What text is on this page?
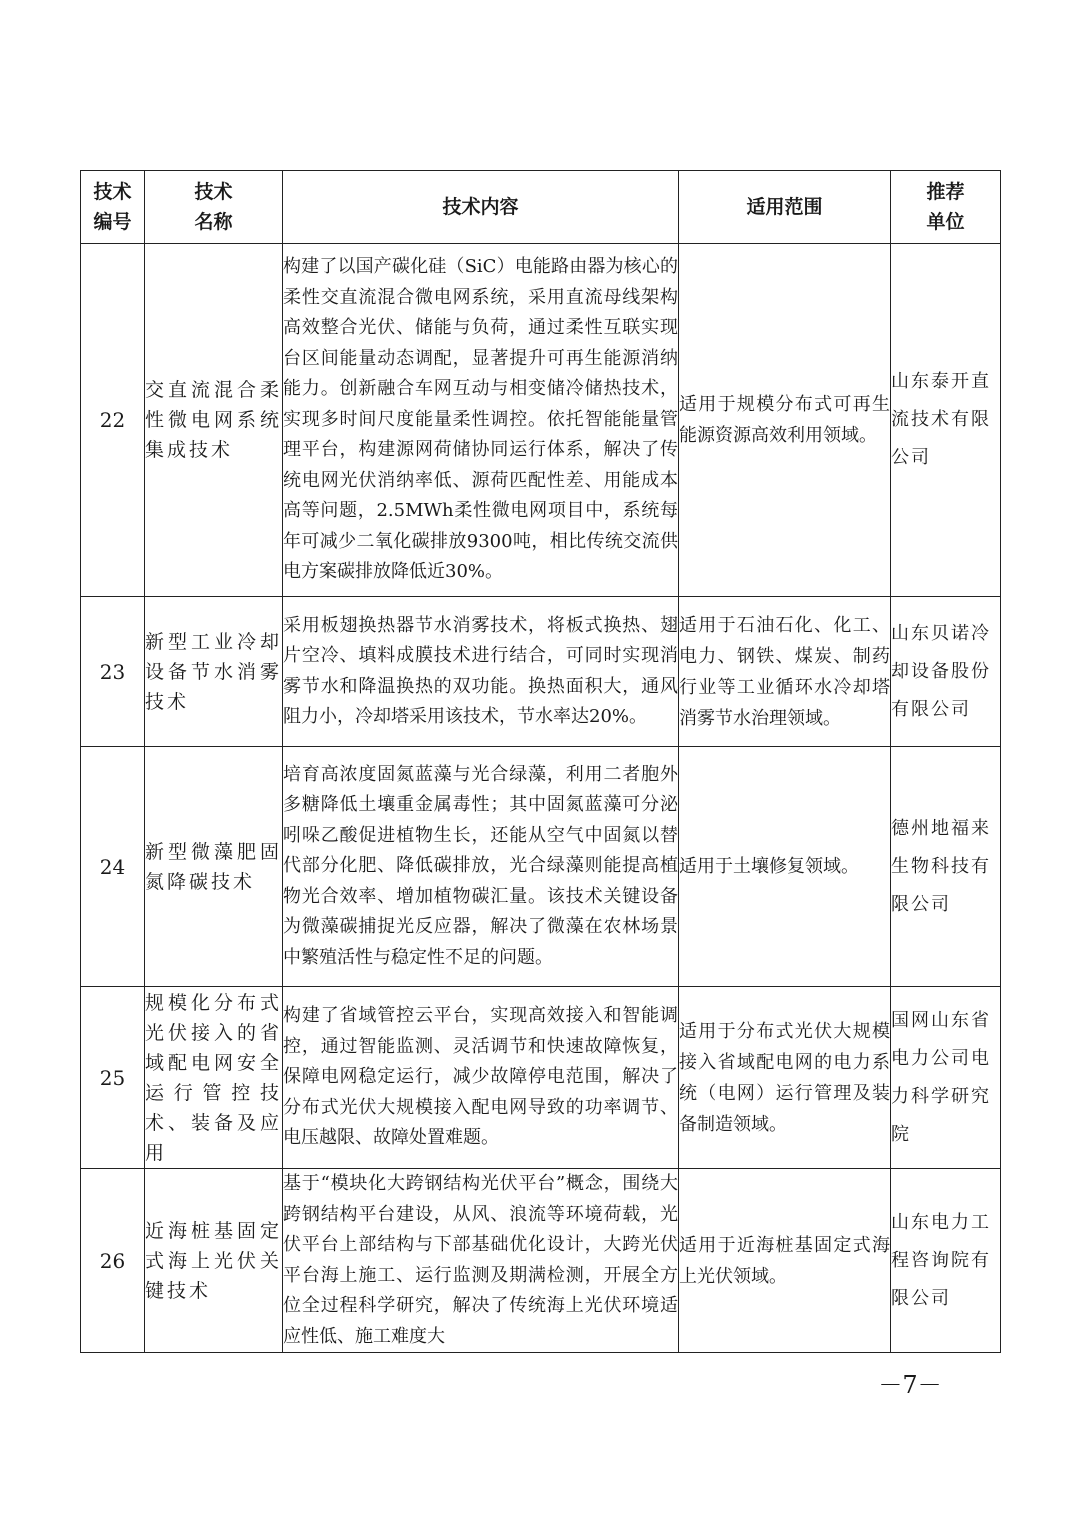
技术编号	技术名称	技术内容	适用范围	推荐单位

22	交直流混合柔性微电网系统集成技术	构建了以国产碳化硅（SiC）电能路由器为核心的柔性交直流混合微电网系统，采用直流母线架构高效整合光伏、储能与负荷，通过柔性互联实现台区间能量动态调配，显著提升可再生能源消纳能力。创新融合车网互动与相变储冷储热技术，实现多时间尺度能量柔性调控。依托智能能量管理平台，构建源网荷储协同运行体系，解决了传统电网光伏消纳率低、源荷匹配性差、用能成本高等问题，2.5MWh柔性微电网项目中，系统每年可减少二氧化碳排放9300吨，相比传统交流供电方案碳排放降低近30%。	适用于规模分布式可再生能源资源高效利用领域。	山东泰开直流技术有限公司
23	新型工业冷却设备节水消雾技术	采用板翅换热器节水消雾技术，将板式换热、翅片空冷、填料成膜技术进行结合，可同时实现消雾节水和降温换热的双功能。换热面积大，通风阻力小，冷却塔采用该技术，节水率达20%。	适用于石油石化、化工、电力、钢铁、煤炭、制药行业等工业循环水冷却塔消雾节水治理领域。	山东贝诺冷却设备股份有限公司
24	新型微藻肥固氮降碳技术	培育高浓度固氮蓝藻与光合绿藻，利用二者胞外多糖降低土壤重金属毒性；其中固氮蓝藻可分泌吲哚乙酸促进植物生长，还能从空气中固氮以替代部分化肥、降低碳排放，光合绿藻则能提高植物光合效率、增加植物碳汇量。该技术关键设备为微藻碳捕捉光反应器，解决了微藻在农林场景中繁殖活性与稳定性不足的问题。	适用于土壤修复领域。	德州地福来生物科技有限公司
25	规模化分布式光伏接入的省域配电网安全运行管控技术、装备及应用	构建了省域管控云平台，实现高效接入和智能调控，通过智能监测、灵活调节和快速故障恢复，保障电网稳定运行，减少故障停电范围，解决了分布式光伏大规模接入配电网导致的功率调节、电压越限、故障处置难题。	适用于分布式光伏大规模接入省域配电网的电力系统（电网）运行管理及装备制造领域。	国网山东省电力公司电力科学研究院
26	近海桩基固定式海上光伏关键技术	基于“模块化大跨钢结构光伏平台”概念，围绕大跨钢结构平台建设，从风、浪流等环境荷载，光伏平台上部结构与下部基础优化设计，大跨光伏平台海上施工、运行监测及期满检测，开展全方位全过程科学研究，解决了传统海上光伏环境适应性低、施工难度大	适用于近海桩基固定式海上光伏领域。	山东电力工程咨询院有限公司
－7－
